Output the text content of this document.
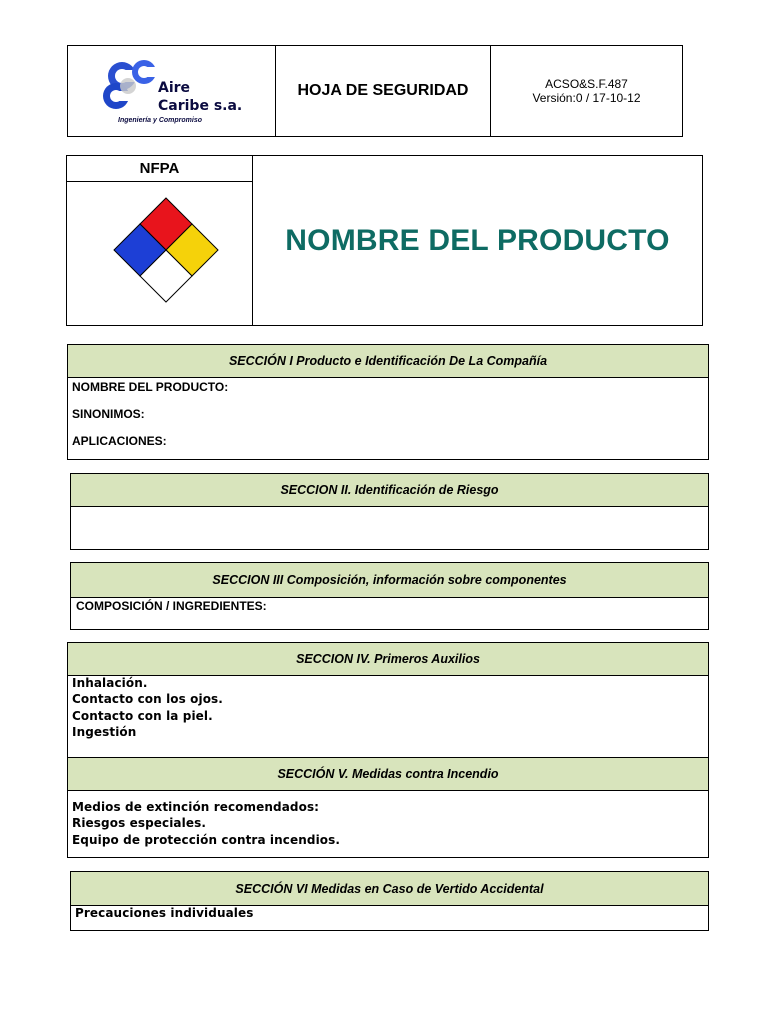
Aire
Caribe s.a.
Ingeniería y Compromiso
HOJA DE SEGURIDAD	ACSO&S.F.487
Versión:0 / 17-10-12
NFPA
NOMBRE DEL PRODUCTO
SECCIÓN I Producto e Identificación De La Compañía
NOMBRE DEL PRODUCTO:
SINONIMOS:
APLICACIONES:
SECCION II. Identificación de Riesgo
SECCION III Composición, información sobre componentes
COMPOSICIÓN / INGREDIENTES:
SECCION IV. Primeros Auxilios
Inhalación.
Contacto con los ojos.
Contacto con la piel.
Ingestión
SECCIÓN V. Medidas contra Incendio
Medios de extinción recomendados:
Riesgos especiales.
Equipo de protección contra incendios.
SECCIÓN VI Medidas en Caso de Vertido Accidental
Precauciones individuales
